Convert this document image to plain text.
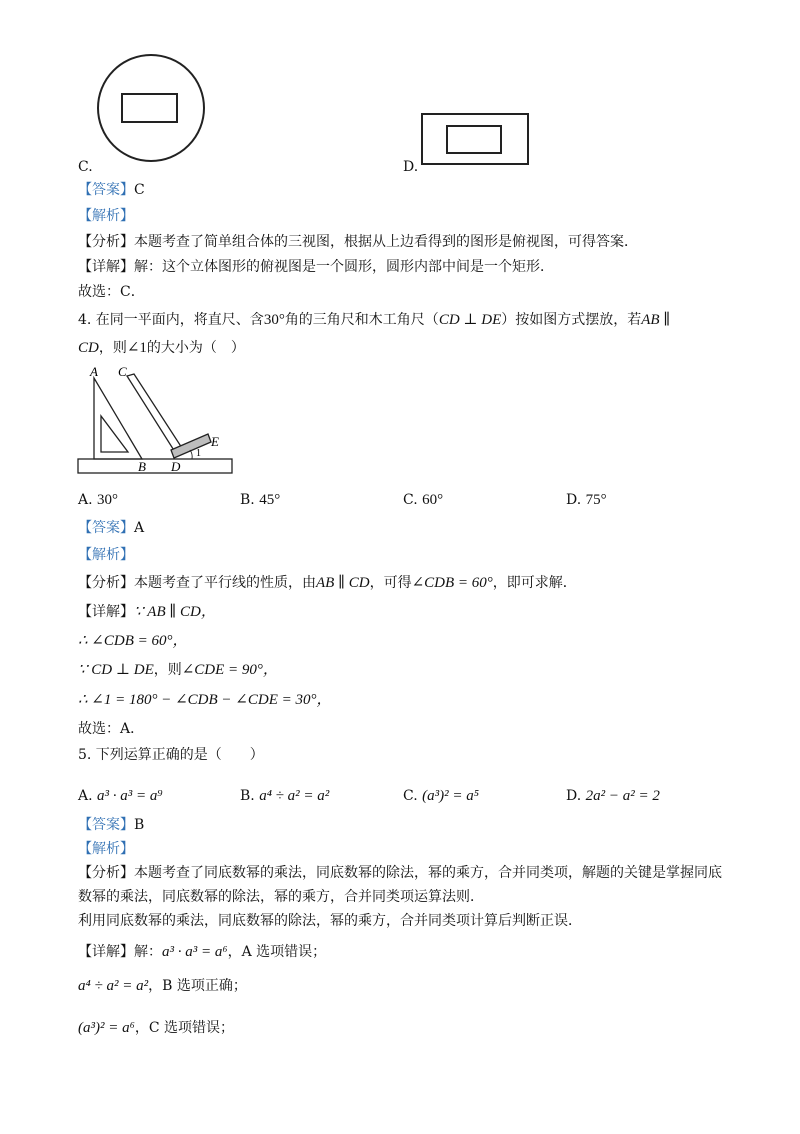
C.	D.
【答案】C
【解析】
【分析】本题考查了简单组合体的三视图，根据从上边看得到的图形是俯视图，可得答案．
【详解】解：这个立体图形的俯视图是一个圆形，圆形内部中间是一个矩形．
故选：C．
4. 在同一平面内，将直尺、含30°角的三角尺和木工角尺（CD ⊥ DE）按如图方式摆放，若AB ∥
CD，则∠1的大小为（　）
A C
E
B D
1
A. 30°	B. 45°	C. 60°	D. 75°
【答案】A
【解析】
【分析】本题考查了平行线的性质，由AB ∥ CD，可得∠CDB = 60°，即可求解．
【详解】∵ AB ∥ CD，
∴ ∠CDB = 60°，
∵ CD ⊥ DE，则∠CDE = 90°，
∴ ∠1 = 180° − ∠CDB − ∠CDE = 30°，
故选：A．
5. 下列运算正确的是（　　）
A. a³ · a³ = a⁹	B. a⁴ ÷ a² = a²	C. (a³)² = a⁵	D. 2a² − a² = 2
【答案】B
【解析】
【分析】本题考查了同底数幂的乘法，同底数幂的除法，幂的乘方，合并同类项，解题的关键是掌握同底
数幂的乘法，同底数幂的除法，幂的乘方，合并同类项运算法则．
利用同底数幂的乘法，同底数幂的除法，幂的乘方，合并同类项计算后判断正误．
【详解】解：a³ · a³ = a⁶，A 选项错误；
a⁴ ÷ a² = a²，B 选项正确；
(a³)² = a⁶，C 选项错误；
